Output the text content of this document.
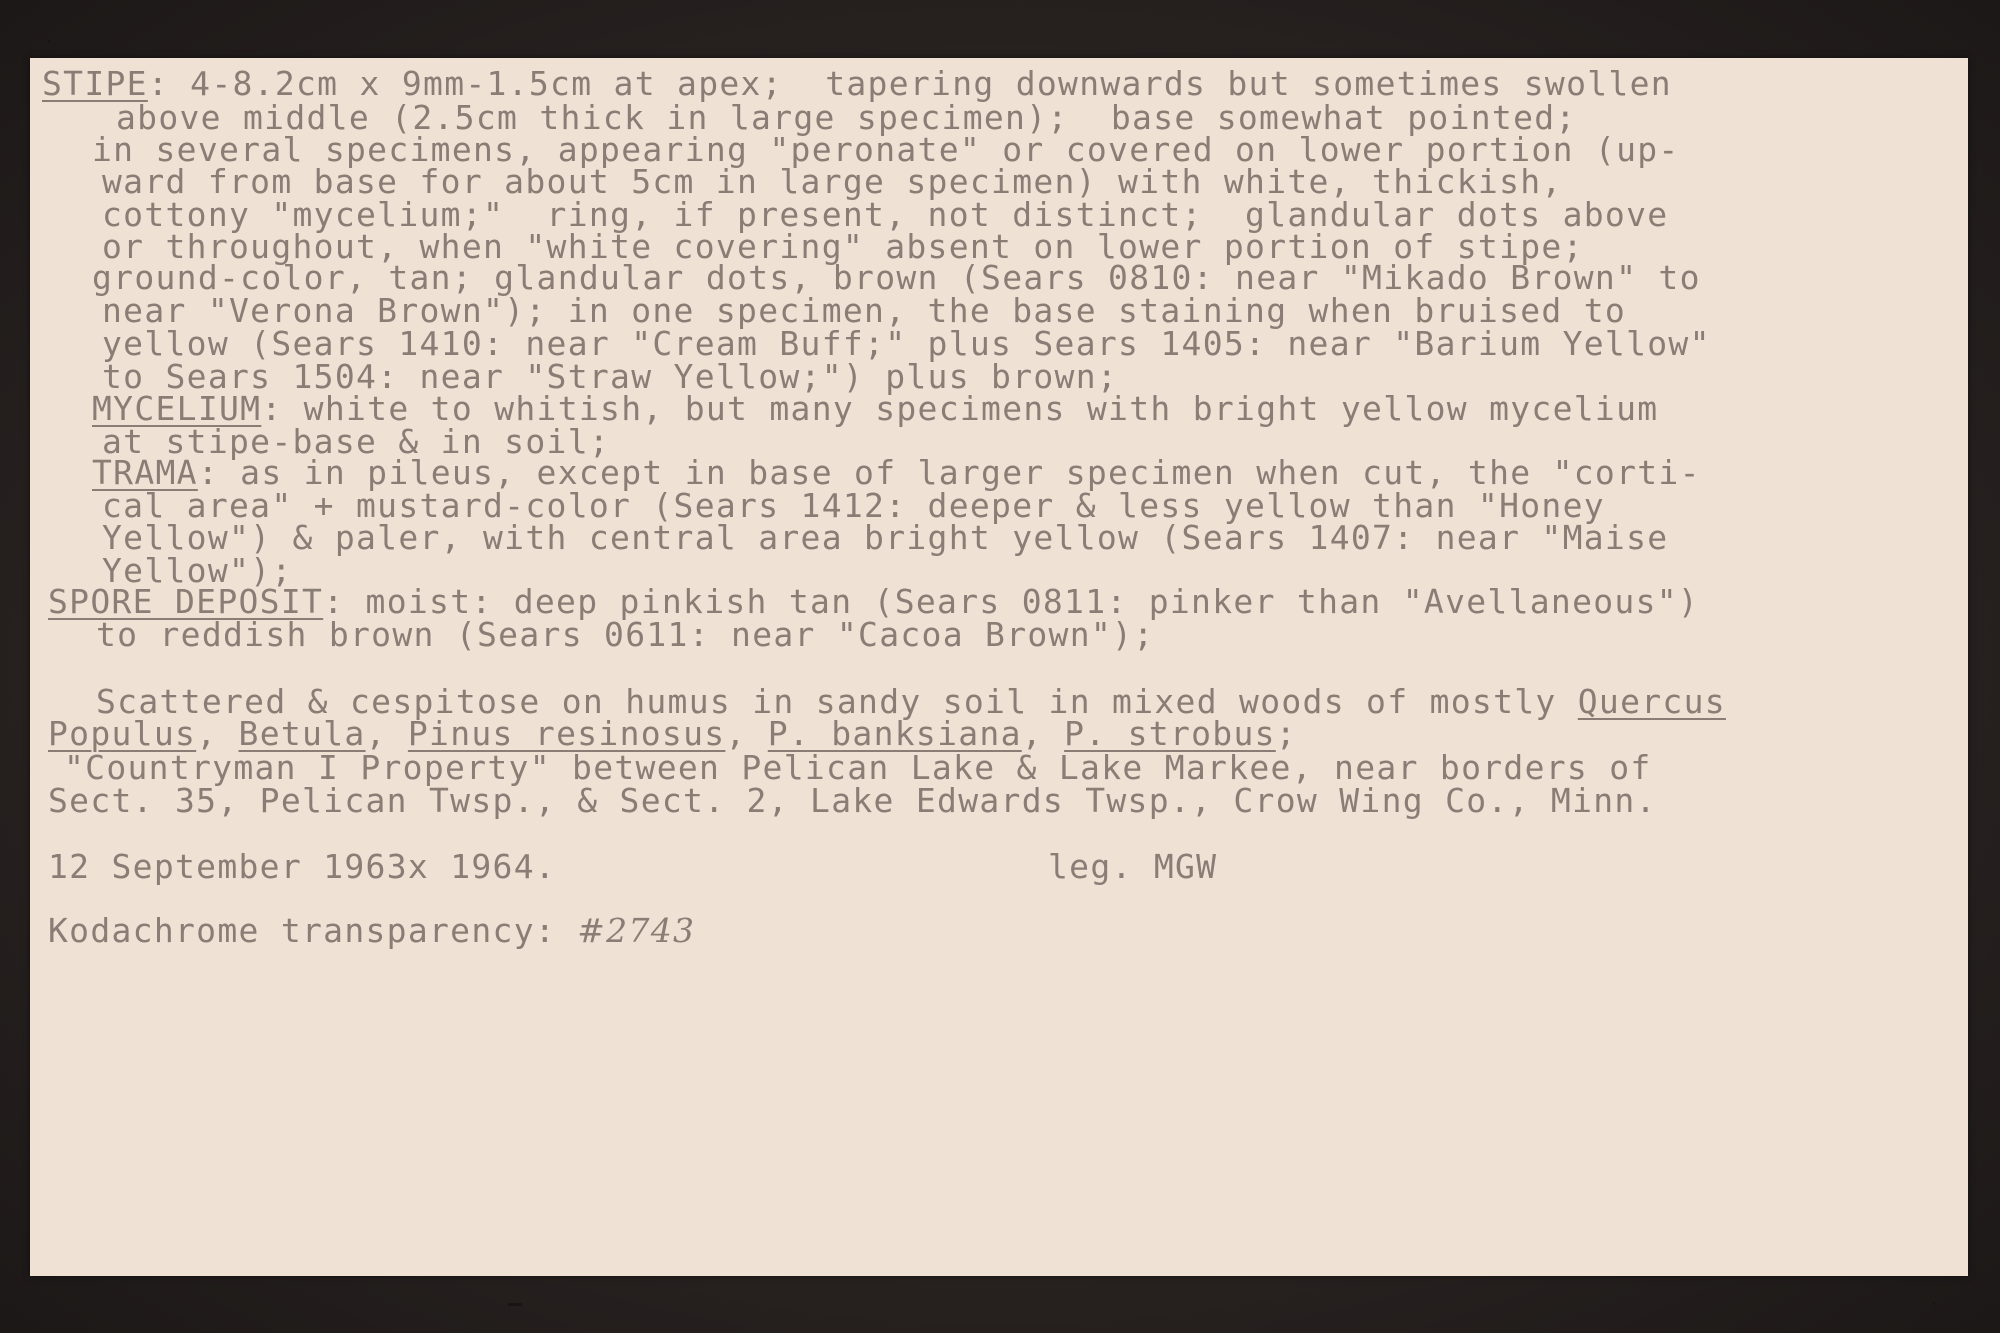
STIPE: 4-8.2cm x 9mm-1.5cm at apex;  tapering downwards but sometimes swollen

above middle (2.5cm thick in large specimen);  base somewhat pointed;

in several specimens, appearing "peronate" or covered on lower portion (up-

ward from base for about 5cm in large specimen) with white, thickish,

cottony "mycelium;"  ring, if present, not distinct;  glandular dots above

or throughout, when "white covering" absent on lower portion of stipe;

ground-color, tan; glandular dots, brown (Sears 0810: near "Mikado Brown" to

near "Verona Brown"); in one specimen, the base staining when bruised to

yellow (Sears 1410: near "Cream Buff;" plus Sears 1405: near "Barium Yellow"

to Sears 1504: near "Straw Yellow;") plus brown;

MYCELIUM: white to whitish, but many specimens with bright yellow mycelium

at stipe-base & in soil;

TRAMA: as in pileus, except in base of larger specimen when cut, the "corti-

cal area" + mustard-color (Sears 1412: deeper & less yellow than "Honey

Yellow") & paler, with central area bright yellow (Sears 1407: near "Maise

Yellow");

SPORE DEPOSIT: moist: deep pinkish tan (Sears 0811: pinker than "Avellaneous")

to reddish brown (Sears 0611: near "Cacoa Brown");

Scattered & cespitose on humus in sandy soil in mixed woods of mostly Quercus

Populus, Betula, Pinus resinosus, P. banksiana, P. strobus;

"Countryman I Property" between Pelican Lake & Lake Markee, near borders of

Sect. 35, Pelican Twsp., & Sect. 2, Lake Edwards Twsp., Crow Wing Co., Minn.

12 September 1963x 1964.

	leg. MGW

Kodachrome transparency: #2743
